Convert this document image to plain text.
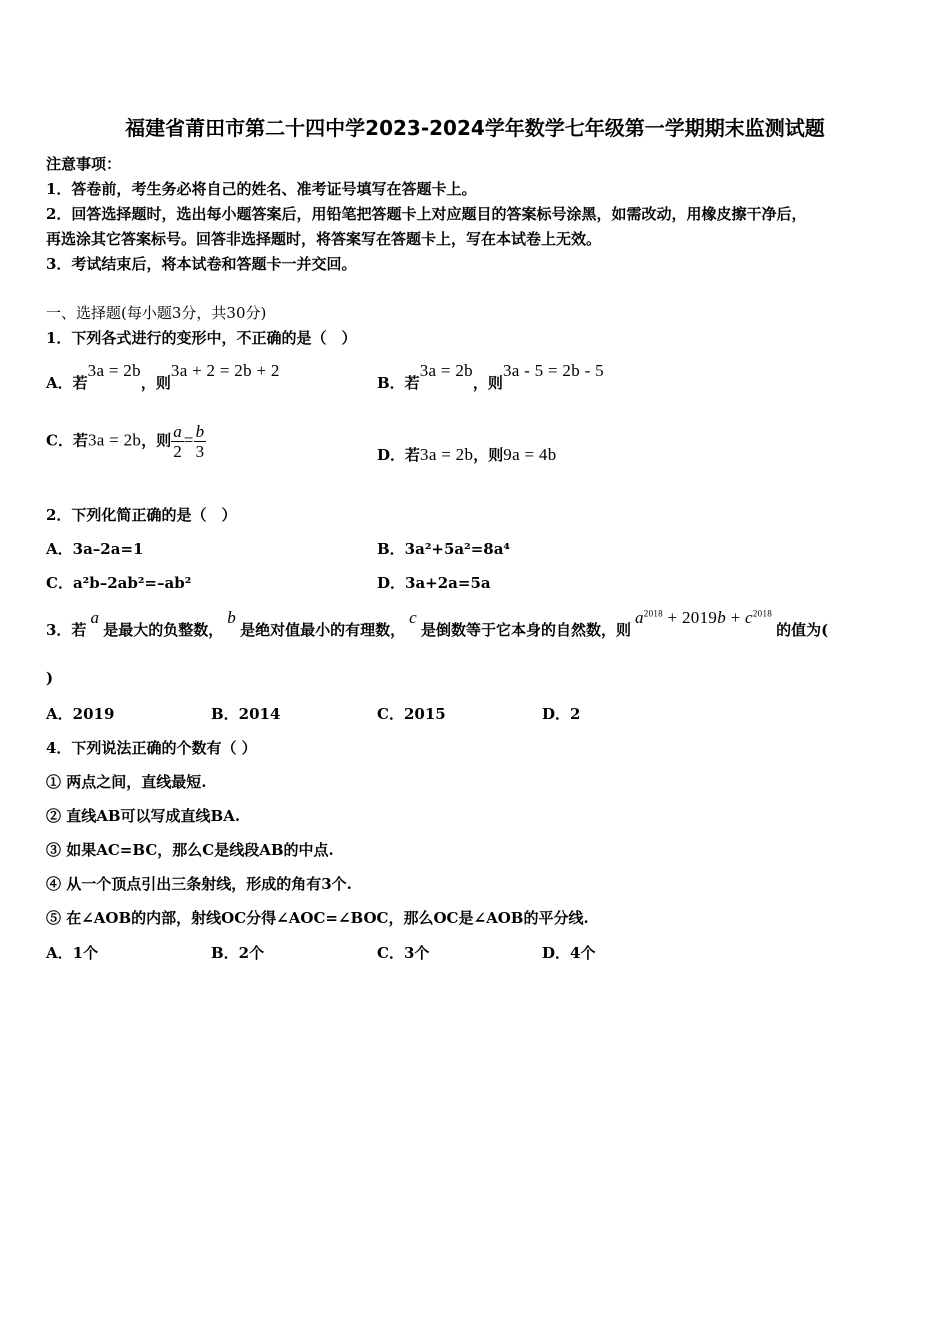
福建省莆田市第二十四中学2023-2024学年数学七年级第一学期期末监测试题
注意事项：
1．答卷前，考生务必将自己的姓名、准考证号填写在答题卡上。
2．回答选择题时，选出每小题答案后，用铅笔把答题卡上对应题目的答案标号涂黑，如需改动，用橡皮擦干净后，
再选涂其它答案标号。回答非选择题时，将答案写在答题卡上，写在本试卷上无效。
3．考试结束后，将本试卷和答题卡一并交回。
一、选择题(每小题3分，共30分)
1．下列各式进行的变形中，不正确的是（　）
A．若3a = 2b，则3a + 2 = 2b + 2
B．若3a = 2b，则3a - 5 = 2b - 5
C．若3a = 2b，则 $\frac{a}{2} = \frac{b}{3}$	D．若3a = 2b，则9a = 4b
2．下列化简正确的是（　）
A．3a–2a=1	B．3a²+5a²=8a⁴
C．a²b–2ab²=–ab²	D．3a+2a=5a
3．若a是最大的负整数，b是绝对值最小的有理数，c是倒数等于它本身的自然数，则$a^{2018} + 2019b + c^{2018}$的值为(
)
A．2019	B．2014	C．2015	D．2
4．下列说法正确的个数有（ ）
① 两点之间，直线最短.
② 直线AB可以写成直线BA.
③ 如果AC=BC，那么C是线段AB的中点.
④ 从一个顶点引出三条射线，形成的角有3个.
⑤ 在∠AOB的内部，射线OC分得∠AOC=∠BOC，那么OC是∠AOB的平分线.
A．1个	B．2个	C．3个	D．4个
